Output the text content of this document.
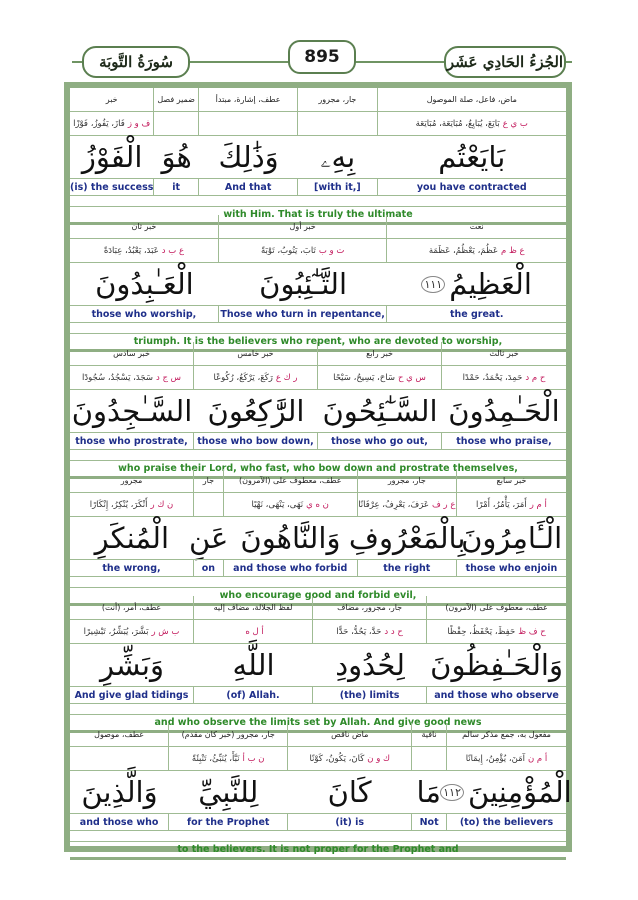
سُورَةُ التَّوبَة	895	الجُزءُ الحَادِي عَشَر
ماض، فاعل، صلة الموصول
جار، مجرور
عطف، إشارة، مبتدأ
ضمير فصل
خبر
ب ي ع
بَايَعَ، يُبَايِعُ، مُبَايَعَة، مُبَايَعَة
ف و ز
فَازَ، يَفُوزُ، فَوْزًا
بَايَعْتُم
بِهِۦ
وَذَٰلِكَ
هُوَ
الْفَوْزُ
you have contracted
[with it,]
And that
it
(is) the success
with Him. That is truly the ultimate
نعت
خبر أول
خبر ثان
ع ظ م
عَظُمَ، يَعْظُمُ، عَظَمَة
ت و ب
تَابَ، يَتُوبُ، تَوْبَةً
ع ب د
عَبَدَ، يَعْبُدُ، عِبَادَةً
الْعَظِيمُ
١١١
التَّـٰٓئِبُونَ
الْعَـٰبِدُونَ
the great.
Those who turn in repentance,
those who worship,
triumph. It is the believers who repent, who are devoted to worship,
خبر ثالث
خبر رابع
خبر خامس
خبر سادس
ح م د
حَمِدَ، يَحْمَدُ، حَمْدًا
س ي ح
سَاحَ، يَسِيحُ، سَيْحًا
ر ك ع
رَكَعَ، يَرْكَعُ، رُكُوعًا
س ج د
سَجَدَ، يَسْجُدُ، سُجُودًا
الْحَـٰمِدُونَ
السَّـٰٓئِحُونَ
الرَّٰكِعُونَ
السَّـٰجِدُونَ
those who praise,
those who go out,
those who bow down,
those who prostrate,
who praise their Lord, who fast, who bow down and prostrate themselves,
خبر سابع
جار، مجرور
عطف، معطوف على (الآمرون)
جار
مجرور
أ م ر
أَمَرَ، يَأْمُرُ، أَمْرًا
ع ر ف
عَرَفَ، يَعْرِفُ، عِرْفَانًا
ن ه ي
نَهَى، يَنْهَى، نَهْيًا
ن ك ر
أَنْكَرَ، يُنْكِرُ، إِنْكَارًا
الْـَٔامِرُونَ
بِالْمَعْرُوفِ
وَالنَّاهُونَ
عَنِ
الْمُنكَرِ
those who enjoin
the right
and those who forbid
on
the wrong,
who encourage good and forbid evil,
عطف، معطوف على (الآمرون)
جار، مجرور، مضاف
لفظ الجلالة، مضاف إليه
عطف، أمر، (أنت)
ح ف ظ
حَفِظَ، يَحْفَظُ، حِفْظًا
ح د د
حَدَّ، يَحُدُّ، حَدًّا
أ ل ه
ب ش ر
بَشَّرَ، يُبَشِّرُ، تَبْشِيرًا
وَالْحَـٰفِظُونَ
لِحُدُودِ
اللَّهِ
وَبَشِّرِ
and those who observe
(the) limits
(of) Allah.
And give glad tidings
and who observe the limits set by Allah. And give good news
مفعول به، جمع مذكر سالم
نافية
ماض ناقص
جار، مجرور (خبر كان مقدم)
عطف، موصول
أ م ن
آمَنَ، يُؤْمِنُ، إِيمَانًا
ك و ن
كَانَ، يَكُونُ، كَوْنًا
ن ب أ
نَبَّأَ، يُنَبِّئُ، تَنْبِئَةً
الْمُؤْمِنِينَ
١١٢
مَا
كَانَ
لِلنَّبِيِّ
وَالَّذِينَ
(to) the believers
Not
(it) is
for the Prophet
and those who
to the believers. It is not proper for the Prophet and
